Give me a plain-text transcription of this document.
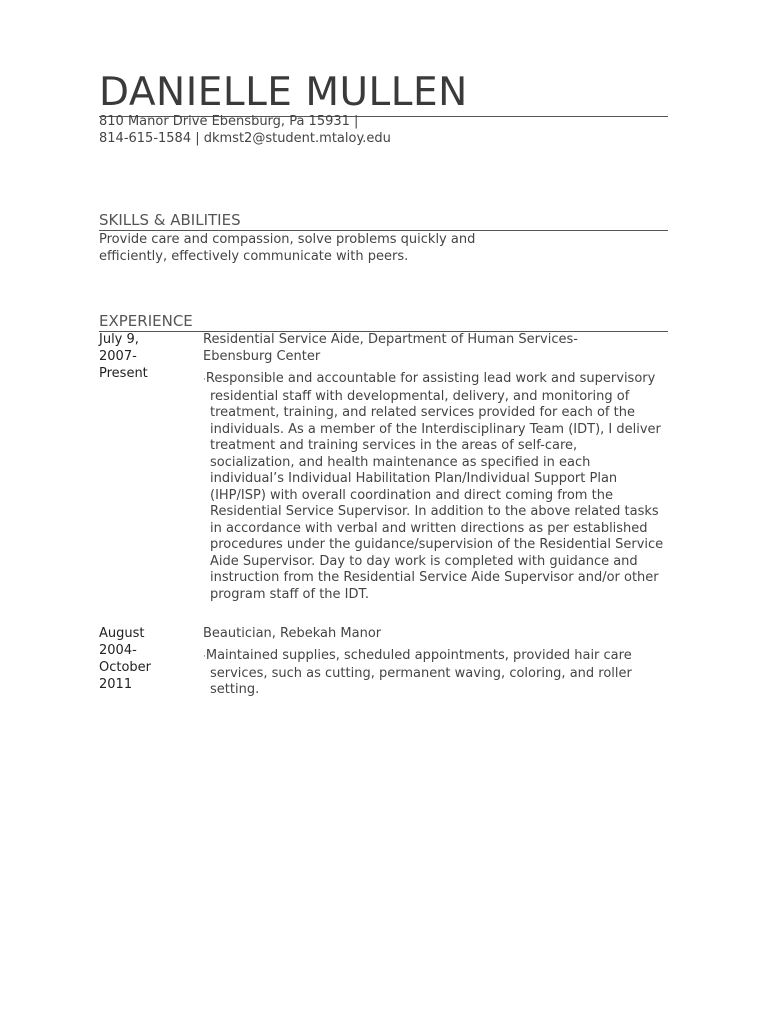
DANIELLE MULLEN
810 Manor Drive Ebensburg, Pa 15931 |
814-615-1584 | dkmst2@student.mtaloy.edu
SKILLS & ABILITIES
Provide care and compassion, solve problems quickly and
efficiently, effectively communicate with peers.
EXPERIENCE
July 9,
2007-
Present
Residential Service Aide, Department of Human Services-
Ebensburg Center
·Responsible and accountable for assisting lead work and supervisory residential staff with developmental, delivery, and monitoring of treatment, training, and related services provided for each of the individuals. As a member of the Interdisciplinary Team (IDT), I deliver treatment and training services in the areas of self-care, socialization, and health maintenance as specified in each individual’s Individual Habilitation Plan/Individual Support Plan (IHP/ISP) with overall coordination and direct coming from the Residential Service Supervisor. In addition to the above related tasks in accordance with verbal and written directions as per established procedures under the guidance/supervision of the Residential Service Aide Supervisor. Day to day work is completed with guidance and instruction from the Residential Service Aide Supervisor and/or other program staff of the IDT.
August
2004-
October
2011
Beautician, Rebekah Manor
·Maintained supplies, scheduled appointments, provided hair care services, such as cutting, permanent waving, coloring, and roller setting.
